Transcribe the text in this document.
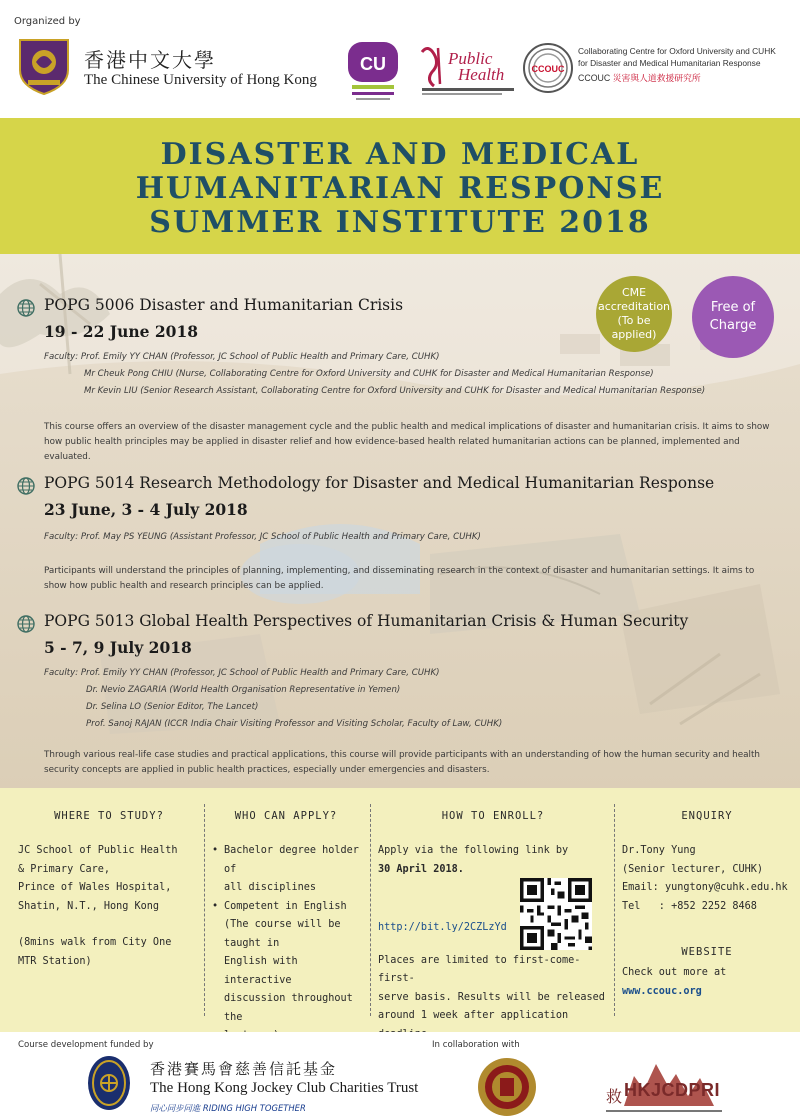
Organized by
香港中文大學
The Chinese University of Hong Kong
CU	Public
Health	CCOUC
Collaborating Centre for Oxford University and CUHK
for Disaster and Medical Humanitarian Response
CCOUC 災害與人道救援研究所
DISASTER AND MEDICAL
HUMANITARIAN RESPONSE
SUMMER INSTITUTE 2018
CME
accreditation
(To be applied)
Free of
Charge
POPG 5006 Disaster and Humanitarian Crisis
19 - 22 June 2018
Faculty: Prof. Emily YY CHAN (Professor, JC School of Public Health and Primary Care, CUHK)
Mr Cheuk Pong CHIU (Nurse, Collaborating Centre for Oxford University and CUHK for Disaster and Medical Humanitarian Response)
Mr Kevin LIU (Senior Research Assistant, Collaborating Centre for Oxford University and CUHK for Disaster and Medical Humanitarian Response)
This course offers an overview of the disaster management cycle and the public health and medical implications of disaster and humanitarian crisis. It aims to show how public health principles may be applied in disaster relief and how evidence-based health related humanitarian actions can be planned, implemented and evaluated.
POPG 5014 Research Methodology for Disaster and Medical Humanitarian Response
23 June, 3 - 4 July 2018
Faculty: Prof. May PS YEUNG (Assistant Professor, JC School of Public Health and Primary Care, CUHK)
Participants will understand the principles of planning, implementing, and disseminating research in the context of disaster and humanitarian settings. It aims to show how public health and research principles can be applied.
POPG 5013 Global Health Perspectives of Humanitarian Crisis & Human Security
5 - 7, 9 July 2018
Faculty: Prof. Emily YY CHAN (Professor, JC School of Public Health and Primary Care, CUHK)
Dr. Nevio ZAGARIA (World Health Organisation Representative in Yemen)
Dr. Selina LO (Senior Editor, The Lancet)
Prof. Sanoj RAJAN (ICCR India Chair Visiting Professor and Visiting Scholar, Faculty of Law, CUHK)
Through various real-life case studies and practical applications, this course will provide participants with an understanding of how the human security and health security concepts are applied in public health practices, especially under emergencies and disasters.
WHERE TO STUDY?
JC School of Public Health
& Primary Care,
Prince of Wales Hospital,
Shatin, N.T., Hong Kong
(8mins walk from City One
MTR Station)
WHO CAN APPLY?
• Bachelor degree holder of
all disciplines
• Competent in English
(The course will be taught in
English with interactive
discussion throughout the
HOW TO ENROLL?
Apply via the following link by
30 April 2018.
http://bit.ly/2CZLzYd
Places are limited to first-come-first-
serve basis. Results will be released
around 1 week after application
ENQUIRY
Dr.Tony Yung
(Senior lecturer, CUHK)
Email: yungtony@cuhk.edu.hk
Tel   : +852 2252 8468
WEBSITE
Check out more at
www.ccouc.org
Course development funded by	In collaboration with
香港賽馬會慈善信託基金
The Hong Kong Jockey Club Charities Trust
同心同步同進 RIDING HIGH TOGETHER
救 HKJCDPRI
